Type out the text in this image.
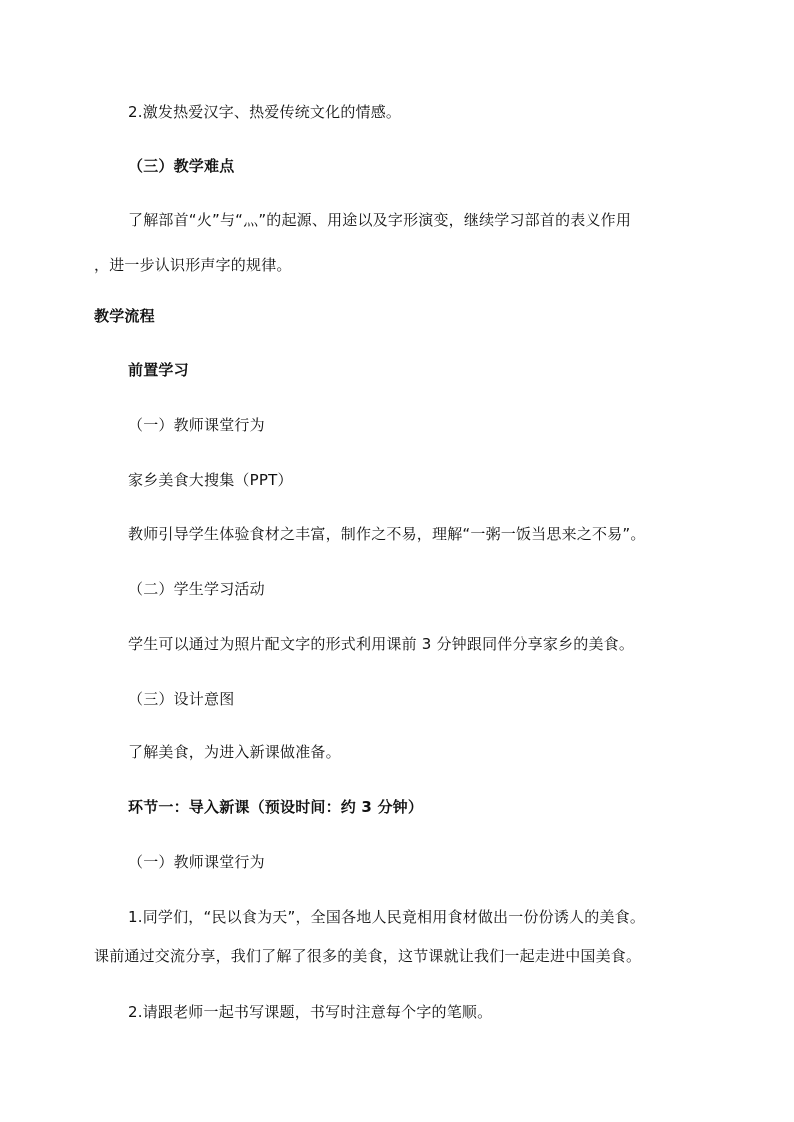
2.激发热爱汉字、热爱传统文化的情感。
（三）教学难点
了解部首“火”与“灬”的起源、用途以及字形演变，继续学习部首的表义作用
，进一步认识形声字的规律。
教学流程
前置学习
（一）教师课堂行为
家乡美食大搜集（PPT）
教师引导学生体验食材之丰富，制作之不易，理解“一粥一饭当思来之不易”。
（二）学生学习活动
学生可以通过为照片配文字的形式利用课前 3 分钟跟同伴分享家乡的美食。
（三）设计意图
了解美食，为进入新课做准备。
环节一：导入新课（预设时间：约 3 分钟）
（一）教师课堂行为
1.同学们，“民以食为天”，全国各地人民竟相用食材做出一份份诱人的美食。
课前通过交流分享，我们了解了很多的美食，这节课就让我们一起走进中国美食。
2.请跟老师一起书写课题，书写时注意每个字的笔顺。
